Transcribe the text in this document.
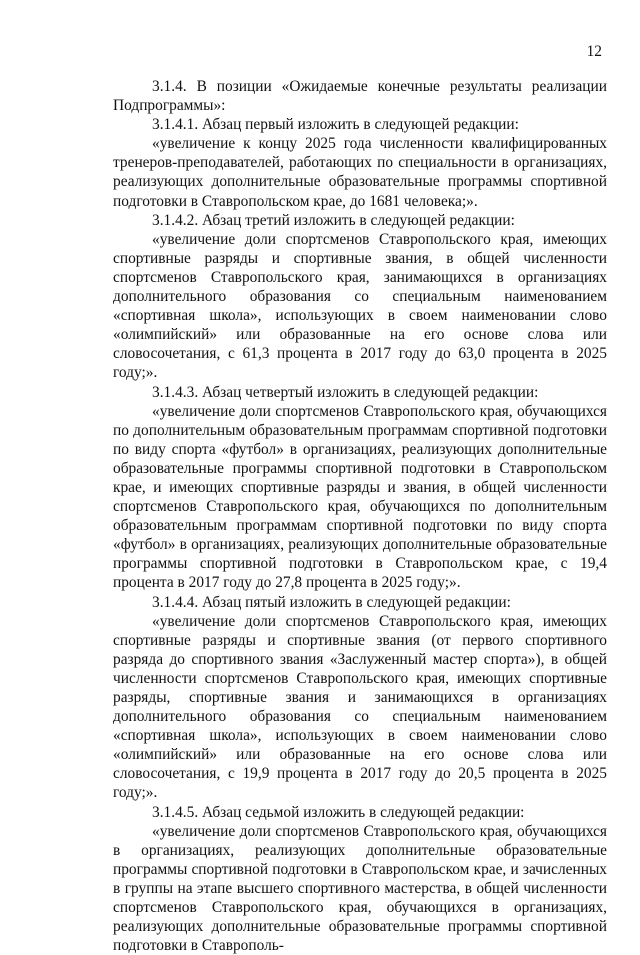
12

3.1.4. В позиции «Ожидаемые конечные результаты реализации Подпрограммы»:

3.1.4.1. Абзац первый изложить в следующей редакции:

«увеличение к концу 2025 года численности квалифицированных тренеров-преподавателей, работающих по специальности в организациях, реализующих дополнительные образовательные программы спортивной подготовки в Ставропольском крае, до 1681 человека;».

3.1.4.2. Абзац третий изложить в следующей редакции:

«увеличение доли спортсменов Ставропольского края, имеющих спортивные разряды и спортивные звания, в общей численности спортсменов Ставропольского края, занимающихся в организациях дополнительного образования со специальным наименованием «спортивная школа», использующих в своем наименовании слово «олимпийский» или образованные на его основе слова или словосочетания, с 61,3 процента в 2017 году до 63,0 процента в 2025 году;».

3.1.4.3. Абзац четвертый изложить в следующей редакции:

«увеличение доли спортсменов Ставропольского края, обучающихся по дополнительным образовательным программам спортивной подготовки по виду спорта «футбол» в организациях, реализующих дополнительные образовательные программы спортивной подготовки в Ставропольском крае, и имеющих спортивные разряды и звания, в общей численности спортсменов Ставропольского края, обучающихся по дополнительным образовательным программам спортивной подготовки по виду спорта «футбол» в организациях, реализующих дополнительные образовательные программы спортивной подготовки в Ставропольском крае, с 19,4 процента в 2017 году до 27,8 процента в 2025 году;».

3.1.4.4. Абзац пятый изложить в следующей редакции:

«увеличение доли спортсменов Ставропольского края, имеющих спортивные разряды и спортивные звания (от первого спортивного разряда до спортивного звания «Заслуженный мастер спорта»), в общей численности спортсменов Ставропольского края, имеющих спортивные разряды, спортивные звания и занимающихся в организациях дополнительного образования со специальным наименованием «спортивная школа», использующих в своем наименовании слово «олимпийский» или образованные на его основе слова или словосочетания, с 19,9 процента в 2017 году до 20,5 процента в 2025 году;».

3.1.4.5. Абзац седьмой изложить в следующей редакции:

«увеличение доли спортсменов Ставропольского края, обучающихся в организациях, реализующих дополнительные образовательные программы спортивной подготовки в Ставропольском крае, и зачисленных в группы на этапе высшего спортивного мастерства, в общей численности спортсменов Ставропольского края, обучающихся в организациях, реализующих дополнительные образовательные программы спортивной подготовки в Ставрополь-
